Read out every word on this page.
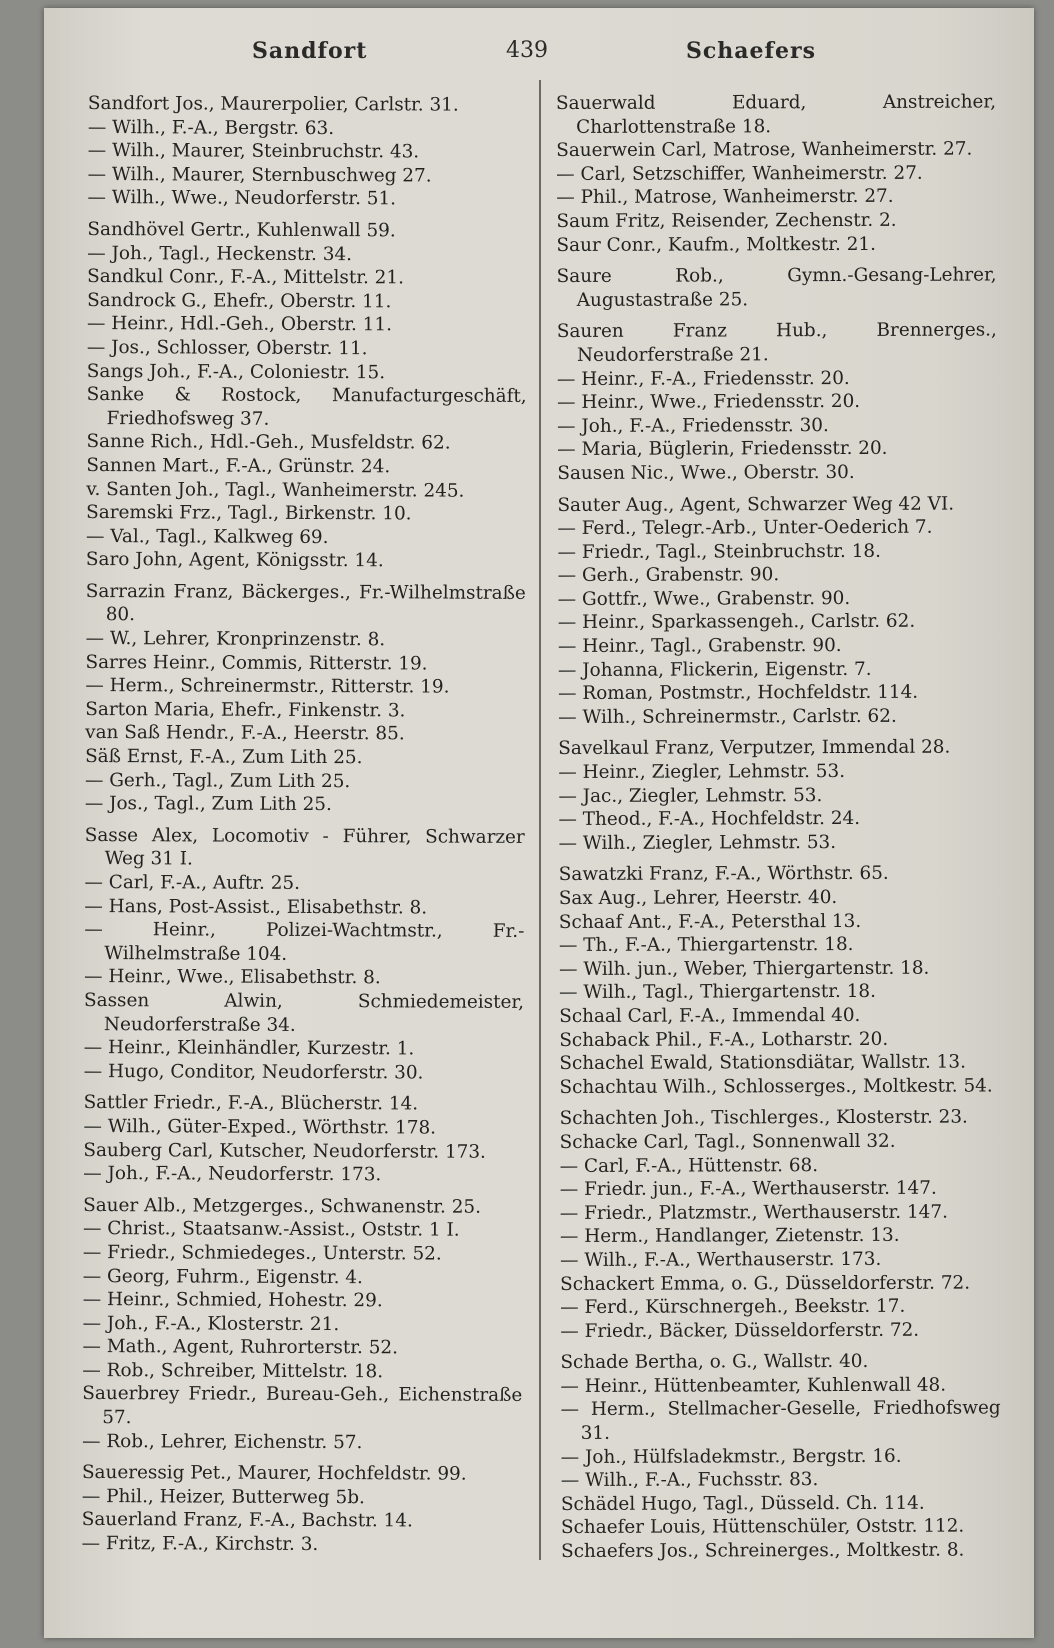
Sandfort	439	Schaefers

Sandfort Jos., Maurerpolier, Carlstr. 31.

— Wilh., F.-A., Bergstr. 63.

— Wilh., Maurer, Steinbruchstr. 43.

— Wilh., Maurer, Sternbuschweg 27.

— Wilh., Wwe., Neudorferstr. 51.

Sandhövel Gertr., Kuhlenwall 59.

— Joh., Tagl., Heckenstr. 34.

Sandkul Conr., F.-A., Mittelstr. 21.

Sandrock G., Ehefr., Oberstr. 11.

— Heinr., Hdl.-Geh., Oberstr. 11.

— Jos., Schlosser, Oberstr. 11.

Sangs Joh., F.-A., Coloniestr. 15.

Sanke & Rostock, Manufacturgeschäft, Friedhofsweg 37.

Sanne Rich., Hdl.-Geh., Musfeldstr. 62.

Sannen Mart., F.-A., Grünstr. 24.

v. Santen Joh., Tagl., Wanheimerstr. 245.

Saremski Frz., Tagl., Birkenstr. 10.

— Val., Tagl., Kalkweg 69.

Saro John, Agent, Königsstr. 14.

Sarrazin Franz, Bäckerges., Fr.-Wilhelmstraße 80.

— W., Lehrer, Kronprinzenstr. 8.

Sarres Heinr., Commis, Ritterstr. 19.

— Herm., Schreinermstr., Ritterstr. 19.

Sarton Maria, Ehefr., Finkenstr. 3.

van Saß Hendr., F.-A., Heerstr. 85.

Säß Ernst, F.-A., Zum Lith 25.

— Gerh., Tagl., Zum Lith 25.

— Jos., Tagl., Zum Lith 25.

Sasse Alex, Locomotiv - Führer, Schwarzer Weg 31 I.

— Carl, F.-A., Auftr. 25.

— Hans, Post-Assist., Elisabethstr. 8.

— Heinr., Polizei-Wachtmstr., Fr.-Wilhelmstraße 104.

— Heinr., Wwe., Elisabethstr. 8.

Sassen Alwin, Schmiedemeister, Neudorferstraße 34.

— Heinr., Kleinhändler, Kurzestr. 1.

— Hugo, Conditor, Neudorferstr. 30.

Sattler Friedr., F.-A., Blücherstr. 14.

— Wilh., Güter-Exped., Wörthstr. 178.

Sauberg Carl, Kutscher, Neudorferstr. 173.

— Joh., F.-A., Neudorferstr. 173.

Sauer Alb., Metzgerges., Schwanenstr. 25.

— Christ., Staatsanw.-Assist., Oststr. 1 I.

— Friedr., Schmiedeges., Unterstr. 52.

— Georg, Fuhrm., Eigenstr. 4.

— Heinr., Schmied, Hohestr. 29.

— Joh., F.-A., Klosterstr. 21.

— Math., Agent, Ruhrorterstr. 52.

— Rob., Schreiber, Mittelstr. 18.

Sauerbrey Friedr., Bureau-Geh., Eichenstraße 57.

— Rob., Lehrer, Eichenstr. 57.

Saueressig Pet., Maurer, Hochfeldstr. 99.

— Phil., Heizer, Butterweg 5b.

Sauerland Franz, F.-A., Bachstr. 14.

— Fritz, F.-A., Kirchstr. 3.

Sauerwald Eduard, Anstreicher, Charlottenstraße 18.

Sauerwein Carl, Matrose, Wanheimerstr. 27.

— Carl, Setzschiffer, Wanheimerstr. 27.

— Phil., Matrose, Wanheimerstr. 27.

Saum Fritz, Reisender, Zechenstr. 2.

Saur Conr., Kaufm., Moltkestr. 21.

Saure Rob., Gymn.-Gesang-Lehrer, Augustastraße 25.

Sauren Franz Hub., Brennerges., Neudorferstraße 21.

— Heinr., F.-A., Friedensstr. 20.

— Heinr., Wwe., Friedensstr. 20.

— Joh., F.-A., Friedensstr. 30.

— Maria, Büglerin, Friedensstr. 20.

Sausen Nic., Wwe., Oberstr. 30.

Sauter Aug., Agent, Schwarzer Weg 42 VI.

— Ferd., Telegr.-Arb., Unter-Oederich 7.

— Friedr., Tagl., Steinbruchstr. 18.

— Gerh., Grabenstr. 90.

— Gottfr., Wwe., Grabenstr. 90.

— Heinr., Sparkassengeh., Carlstr. 62.

— Heinr., Tagl., Grabenstr. 90.

— Johanna, Flickerin, Eigenstr. 7.

— Roman, Postmstr., Hochfeldstr. 114.

— Wilh., Schreinermstr., Carlstr. 62.

Savelkaul Franz, Verputzer, Immendal 28.

— Heinr., Ziegler, Lehmstr. 53.

— Jac., Ziegler, Lehmstr. 53.

— Theod., F.-A., Hochfeldstr. 24.

— Wilh., Ziegler, Lehmstr. 53.

Sawatzki Franz, F.-A., Wörthstr. 65.

Sax Aug., Lehrer, Heerstr. 40.

Schaaf Ant., F.-A., Petersthal 13.

— Th., F.-A., Thiergartenstr. 18.

— Wilh. jun., Weber, Thiergartenstr. 18.

— Wilh., Tagl., Thiergartenstr. 18.

Schaal Carl, F.-A., Immendal 40.

Schaback Phil., F.-A., Lotharstr. 20.

Schachel Ewald, Stationsdiätar, Wallstr. 13.

Schachtau Wilh., Schlosserges., Moltkestr. 54.

Schachten Joh., Tischlerges., Klosterstr. 23.

Schacke Carl, Tagl., Sonnenwall 32.

— Carl, F.-A., Hüttenstr. 68.

— Friedr. jun., F.-A., Werthauserstr. 147.

— Friedr., Platzmstr., Werthauserstr. 147.

— Herm., Handlanger, Zietenstr. 13.

— Wilh., F.-A., Werthauserstr. 173.

Schackert Emma, o. G., Düsseldorferstr. 72.

— Ferd., Kürschnergeh., Beekstr. 17.

— Friedr., Bäcker, Düsseldorferstr. 72.

Schade Bertha, o. G., Wallstr. 40.

— Heinr., Hüttenbeamter, Kuhlenwall 48.

— Herm., Stellmacher-Geselle, Friedhofsweg 31.

— Joh., Hülfsladekmstr., Bergstr. 16.

— Wilh., F.-A., Fuchsstr. 83.

Schädel Hugo, Tagl., Düsseld. Ch. 114.

Schaefer Louis, Hüttenschüler, Oststr. 112.

Schaefers Jos., Schreinerges., Moltkestr. 8.
